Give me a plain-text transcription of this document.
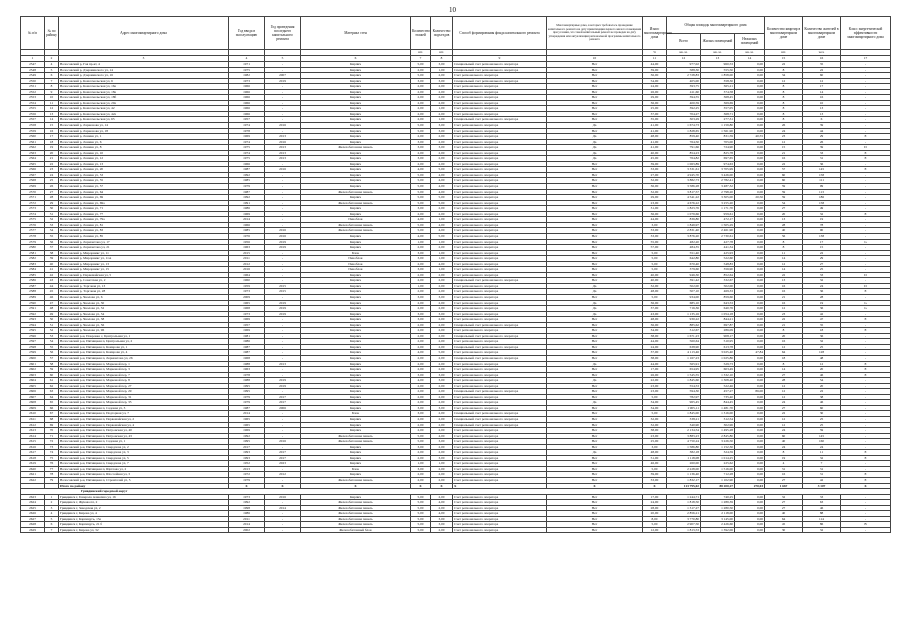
10
№ п/п	№ по району	Адрес многоквартирного дома	Год ввода в эксплуатацию	Год проведения последнего капитального ремонта	Материал стен	Количество этажей	Количество подъездов	Способ формирования фонда капитального ремонта	Многоквартирные дома, в которых требовалось проведение капитального ремонта на дату приватизации первого жилого помещения при условии, что такой капитальный ремонт не проведен на дату утверждения или актуализации региональной программы капитального ремонта	Износ многоквартирного дома	Общая площадь многоквартирного дома			Количество квартир в многоквартирном доме	Количество жителей в многоквартирном доме	Класс энергетической эффективности многоквартирного дома
											Всего	Жилых помещений	Нежилых помещений			
						шт.	шт.			%	кв. м.	кв. м.	кв. м.	шт.	чел.	
1	2	3	4	5	6	7	8	9	10	11	12	13	14	15	16	17
2547	4	Волосовский р, Гая пр-кт, 4	1971	-	Кирпич	5,00	3,00	Специальный счет регионального оператора	Нет	44,00	977,02	960,53	0,00	22	35	-
2548	5	Волосовский р, Дзержинского ул, 14	1975	-	Кирпич	2,00	1,00	Специальный счет регионального оператора	Нет	39,00	588,30	555,50	0,00	8	22	-
2549	6	Волосовский р, Дзержинского ул, 16	1982	2007	Кирпич	5,00	2,00	Счет регионального оператора	Нет	36,00	2 728,83	1 858,00	0,00	34	60	-
2550	7	Волосовский р, Комсомольская ул, 6	1973	2019	Кирпич	3,00	3,00	Специальный счет регионального оператора	Нет	54,00	405,00	358,30	0,00	12	12	-
2551	8	Волосовский р, Комсомольская ул, 16а	1966	-	Кирпич	2,00	2,00	Счет регионального оператора	Нет	24,00	393,75	365,21	0,00	8	17	-
2552	9	Волосовский р, Комсомольская ул, 18а	1966	-	Кирпич	2,00	2,00	Счет регионального оператора	Нет	26,00	411,60	374,58	0,00	8	14	-
2553	10	Волосовский р, Комсомольская ул, 18б	1966	-	Кирпич	2,00	2,00	Счет регионального оператора	Нет	29,00	394,55	368,45	0,00	8	16	-
2554	11	Волосовский р, Комсомольская ул, 20а	1966	-	Кирпич	2,00	2,00	Счет регионального оператора	Нет	36,00	400,59	369,69	0,00	8	10	-
2555	12	Волосовский р, Комсомольская ул, 42	1966	-	Кирпич	2,00	1,00	Счет регионального оператора	Нет	25,00	392,25	357,05	0,00	8	13	-
2556	13	Волосовский р, Комсомольская ул, 42а	1966	-	Кирпич	2,00	2,00	Счет регионального оператора	Нет	37,00	704,27	368,71	0,00	8	13	-
2557	14	Волосовский р, Комсомольская ул, 65	1957	-	Кирпич	2,00	1,00	Специальный счет регионального оператора	Нет	35,00	303,29	277,31	0,00	8	6	-
2558	15	Волосовский р, Ларионова ул, 14	1974	2016	Кирпич	5,00	3,00	Счет регионального оператора	Да	41,00	1 674,73	1 159,80	0,00	26	39	-
2559	16	Волосовский р, Ларионова ул, 18	1978	-	Кирпич	5,00	3,00	Счет регионального оператора	Нет	41,00	1 828,65	1 561,90	0,00	24	44	-
2560	17	Волосовский р, Ленина ул, 1	1969	2013	Кирпич	2,00	2,00	Счет регионального оператора	Да	48,00	859,40	831,59	40,55	23	29	Е
2561	18	Волосовский р, Ленина ул, 6	1974	2016	Кирпич	3,00	2,00	Счет регионального оператора	Да	41,00	764,50	705,00	0,00	12	26	-
2562	19	Волосовский р, Ленина ул, 8	1975	2013	Железобетонная панель	3,00	3,00	Счет регионального оператора	Да	41,00	791,66	724,90	0,00	15	39	D
2563	20	Волосовский р, Ленина ул, 10	1974	2013	Кирпич	2,00	2,00	Счет регионального оператора	Да	40,00	854,23	825,78	0,00	21	33	Е
2564	21	Волосовский р, Ленина ул, 12	1975	2013	Кирпич	3,00	2,00	Счет регионального оператора	Да	45,00	764,82	697,65	0,00	16	31	Е
2565	22	Волосовский р, Ленина ул, 13	1966	-	Кирпич	2,00	2,00	Счет регионального оператора	Нет	39,00	1 063,89	974,63	0,00	22	36	-
2566	23	Волосовский р, Ленина ул, 20	1987	2016	Кирпич	4,00	5,00	Счет регионального оператора	Нет	33,00	3 331,61	3 705,99	0,00	57	145	Е
2567	24	Волосовский р, Ленина ул, 53	1992	-	Кирпич	5,00	4,00	Счет регионального оператора	Нет	27,00	4 945,70	3 426,00	0,00	60	158	-
2568	25	Волосовский р, Ленина ул, 55	1985	-	Кирпич	5,00	4,00	Счет регионального оператора	Нет	32,00	3 882,73	2 782,41	0,00	60	111	-
2569	26	Волосовский р, Ленина ул, 57	1979	-	Кирпич	5,00	4,00	Счет регионального оператора	Нет	36,00	3 586,28	3 487,32	0,00	59	99	-
2570	27	Волосовский р, Ленина ул, 64	1987	-	Железобетонная панель	5,00	4,00	Счет регионального оператора	Нет	32,00	3 817,57	2 798,20	0,00	59	113	-
2571	28	Волосовский р, Ленина ул, 69	1992	-	Кирпич	5,00	5,00	Счет регионального оператора	Нет	29,00	4 541,22	3 305,00	20,50	59	186	-
2572	29	Волосовский р, Ленина ул, 69а	1991	-	Железобетонная панель	5,00	5,00	Счет регионального оператора	Нет	23,00	4 676,22	3 255,20	0,00	54	158	-
2573	30	Волосовский р, Ленина ул, 71	1986	-	Кирпич	3,00	2,00	Счет регионального оператора	Нет	31,00	1 823,76	1 171,70	0,00	27	49	-
2574	31	Волосовский р, Ленина ул, 77	1969	-	Кирпич	2,00	2,00	Счет регионального оператора	Нет	36,00	1 079,66	959,61	0,00	20	32	Е
2575	32	Волосовский р, Ленина ул, 79а	2014	-	Пеноблок	4,00	1,00	Счет регионального оператора	Нет	44,00	836,80	472,17	0,00	13	19	-
2576	33	Волосовский р, Ленина ул, 81	1966	-	Железобетонная панель	5,00	4,00	Счет регионального оператора	Нет	3,00	1 849,97	1 505,29	0,00	28	78	-
2577	34	Волосовский р, Ленина ул, 83	1985	2016	Железобетонная панель	5,00	4,00	Счет регионального оператора	Нет	33,00	2 831,40	2 461,90	0,00	40	90	-
2578	35	Волосовский р, Ленина ул, 85	1976	2016	Кирпич	4,00	5,00	Счет регионального оператора	Нет	33,00	3 876,20	2 730,61	0,00	56	138	-
2579	36	Волосовский р, Лермонтова ул, 17	1956	2019	Кирпич	1,00	1,00	Счет регионального оператора	Нет	55,00	482,20	427,78	0,00	8	17	G
2580	37	Волосовский р, Лермонтова ул, 21	1963	2019	Кирпич	2,00	2,00	Счет регионального оператора	Нет	57,00	484,35	441,34	0,00	8	15	-
2581	38	Волосовский р, Мирорникс ул, 11	2015	-	Блок	3,00	1,00	Счет регионального оператора	Нет	5,00	551,40	425,93	0,00	11	22	-
2582	39	Волосовский р, Мирорникс ул, 11А	2011	-	Пеноблок	3,00	1,00	Счет регионального оператора	Нет	5,00	642,80	522,60	0,00	14	29	-
2583	40	Волосовский р, Мирорникс ул, 13	2012	-	Пеноблок	2,00	4,00	Счет регионального оператора	Нет	5,00	670,40	548,83	0,00	12	27	-
2584	41	Волосовский р, Мирорникс ул, 15	2016	-	Пеноблок	3,00	1,00	Счет регионального оператора	Нет	5,00	379,60	356,90	0,00	14	25	-
2585	42	Волосовский р, Первомайская ул, 5	1964	-	Кирпич	2,00	2,00	Счет регионального оператора	Нет	40,00	946,30	852,64	0,00	22	33	D
2586	43	Волосовский р, Советская ул, 2	1960	-	Кирпич	2,00	2,00	Специальный счет регионального оператора	Нет	40,00	391,42	332,67	0,00	13	32	-
2587	44	Волосовский р, Торговая ул, 13	1959	2015	Кирпич	1,00	2,00	Счет регионального оператора	Да	32,00	502,00	502,00	0,00	16	24	D
2588	45	Волосовский р, Торговая ул, 28	1973	2015	Кирпич	2,00	2,00	Счет регионального оператора	Да	48,00	507,10	469,33	0,00	16	36	Е
2589	46	Волосовский р, Чкалова ул, 6	2009	-	Кирпич	3,00	3,00	Счет регионального оператора	Нет	5,00	934,00	859,60	0,00	21	28	-
2590	47	Волосовский р, Чкалова ул, 30	1965	2019	Кирпич	2,00	2,00	Счет регионального оператора	Да	36,00	685,10	643,53	0,00	16	19	G
2591	48	Волосовский р, Чкалова ул, 32	1968	2019	Кирпич	2,00	2,00	Счет регионального оператора	Да	37,00	716,36	640,76	0,00	12	36	G
2592	49	Волосовский р, Чкалова ул, 34	1973	2019	Кирпич	3,00	3,00	Счет регионального оператора	Да	43,00	1 135,16	1 054,18	0,00	23	42	-
2593	50	Волосовский р, Чкалова ул, 38	1969	-	Кирпич	3,00	2,00	Счет регионального оператора	Нет	48,00	930,22	844,21	0,00	22	47	Е
2594	51	Волосовский р, Чкалова ул, 56	1957	-	Кирпич	2,00	2,00	Специальный счет регионального оператора	Нет	36,00	885,62	697,87	0,00	21	35	-
2595	52	Волосовский р, Чкалова ул, 96	1969	-	Кирпич	2,00	2,00	Счет регионального оператора	Нет	34,00	312,67	286,09	0,00	8	18	Е
2596	53	Волосовский р-н, Покровка с, Центральная ул, 1	1981	-	Кирпич	2,00	2,00	Специальный счет регионального оператора	Нет	38,00	1 671,23	908,17	0,00	20	36	-
2597	54	Волосовский р-н, Пятницкая п, Центральная ул, 2	1986	-	Кирпич	2,00	2,00	Счет регионального оператора	Нет	44,00	560,64	510,95	0,00	16	32	-
2598	55	Волосовский р-н, Пятницкая п, Комарова ул, 1	1987	-	Кирпич	2,00	2,00	Специальный счет регионального оператора	Нет	24,00	638,90	613,78	0,00	12	25	-
2599	56	Волосовский р-н, Пятницкая п, Комарова ул, 4	1987	-	Кирпич	4,00	5,00	Счет регионального оператора	Нет	37,00	4 113,46	3 025,40	47,84	64	128	-
2600	57	Волосовский р-н, Пятницкая п, Лермонтова ул, 26	1968	-	Кирпич	2,00	2,00	Специальный счет регионального оператора	Нет	38,00	1 167,23	1 025,86	0,00	18	48	-
2601	58	Волосовский р-н, Пятницкая п, Марковой пер, 1	1988	2013	Кирпич	2,00	2,00	Счет регионального оператора	Да	44,00	565,91	529,73	0,00	8	12	Е
2602	59	Волосовский р-н, Пятницкая п, Марковой пер, 3	1963	-	Кирпич	2,00	2,00	Счет регионального оператора	Нет	17,00	654,95	603,49	0,00	14	20	Е
2603	60	Волосовский р-н, Пятницкая п, Марковой пер, 7	1978	-	Кирпич	3,00	3,00	Счет регионального оператора	Нет	26,00	1 545,55	1 332,10	0,00	27	46	Е
2604	61	Волосовский р-н, Пятницкая п, Марковой пер, 8	1988	2019	Кирпич	4,00	3,00	Счет регионального оператора	Да	22,00	1 845,60	1 308,40	0,00	28	54	-
2605	62	Волосовский р-н, Пятницкая п, Марковой пер, 27	1995	2019	Кирпич	2,00	2,00	Счет регионального оператора	Нет	23,00	554,53	522,46	0,00	12	20	-
2606	63	Волосовский р-н, Пятницкая п, Марковой пер, 29	1995	-	Кирпич	2,00	2,00	Специальный счет регионального оператора	Нет	23,00	594,30	457,27	86,00	12	22	-
2607	64	Волосовский р-н, Пятницкая п, Марковой пер, 31	1979	2017	Кирпич	2,00	2,00	Счет регионального оператора	Нет	5,00	782,97	735,40	0,00	12	38	-
2608	65	Волосовский р-н, Пятницкая п, Марковой пер, 33	1979	2017	Кирпич	2,00	2,00	Счет регионального оператора	Да	34,00	965,45	844,45	0,00	24	46	-
2609	66	Волосовский р-н, Пятницкая п, Садовая ул, 3	1987	2006	Кирпич	3,00	3,00	Счет регионального оператора	Нет	34,00	1 905,11	1 481,70	0,00	27	60	-
2610	67	Волосовский р-н, Пятницкая п, Подгорная ул, 7	2014	-	Блок	3,00	2,00	Специальный счет регионального оператора	Нет	5,00	1 845,00	1 316,00	0,00	22	30	-
2611	68	Волосовский р-н, Пятницкая п, Первомайская ул, 2	1965	-	Кирпич	2,00	2,00	Специальный счет регионального оператора	Нет	32,00	338,21	312,54	0,00	12	25	-
2612	69	Волосовский р-н, Пятницкая п, Первомайская ул, 4	1965	-	Кирпич	2,00	2,00	Специальный счет регионального оператора	Нет	32,00	340,90	302,96	0,00	12	25	-
2613	70	Волосовский р-н, Пятницкая п, Петровская ул, 40	1969	-	Кирпич	2,00	2,00	Счет регионального оператора	Нет	38,00	2 134,54	1 495,28	0,00	24	59	-
2614	71	Волосовский р-н, Пятницкая п, Петровская ул, 43	1992	-	Железобетонная панель	5,00	4,00	Счет регионального оператора	Нет	23,00	3 883,23	2 845,80	0,00	60	145	-
2615	72	Волосовский р-н, Пятницкая п, Садовая ул, 1	1995	2016	Железобетонная панель	5,00	3,00	Счет регионального оператора	Нет	25,00	4 750,24	3 226,50	0,00	40	160	-
2616	73	Волосовский р-н, Пятницкая п, Свердлова ул, 2	2017	-	Кирпич	3,00	2,00	Счет регионального оператора	Нет	3,00	1 586,80	1 152,30	0,00	24	24	-
2617	74	Волосовский р-н, Пятницкая п, Свердлова ул, 3	1993	2017	Кирпич	2,00	2,00	Счет регионального оператора	Да	48,00	382,18	324,59	0,00	8	11	Е
2618	75	Волосовский р-н, Пятницкая п, Свердлова ул, 5	1993	2017	Кирпич	2,00	3,00	Счет регионального оператора	Нет	51,00	1 118,08	1 014,25	0,00	19	32	Е
2619	76	Волосовский р-н, Пятницкая п, Свердлова ул, 7	1952	2023	Кирпич	1,00	1,00	Счет регионального оператора	Нет	46,00	260,00	225,62	0,00	4	7	-
2620	77	Волосовский р-н, Пятницкая п, Щеглова ул, 2	2013	-	Блок	3,00	2,00	Счет регионального оператора	Нет	5,00	2 228,00	1 516,00	0,00	31	31	-
2621	78	Волосовский р-н, Пятницкая п, Шоссейная ул, 3	1972	2012	Кирпич	2,00	2,00	Счет регионального оператора	Нет	39,00	1 136,40	712,28	0,00	16	31	Е
2622	79	Волосовский р-н, Пятницкая п, Строителей ул, 5	1979	-	Железобетонная панель	2,00	2,00	Счет регионального оператора	Нет	33,00	1 832,17	1 102,90	0,00	27	42	Е
		Итого по району	X	X	X	X	X	X	X	X	113 795,02	88 200,27	270,03	1 667	3 107	X
Гривдинский городской округ																
2623	1	Гривдинск г, Генерала Алексина ул, 16	1973	2016	Кирпич	5,00	2,00	Счет регионального оператора	Нет	17,00	1 244,71	740,25	0,00	32	33	-
2624	2	Гривдинск г, Жукова пл, 2	1992	-	Железобетонная панель	5,00	4,00	Счет регионального оператора	Нет	24,00	1 818,50	1 289,39	0,00	27	63	-
2625	3	Гривдинск г, Заводская ул, 2	1998	2014	Железобетонная панель	5,00	2,00	Счет регионального оператора	Нет	28,00	1 317,27	1 280,50	0,00	27	46	-
2626	4	Гривдинск г, Кирова ул, 4	1986	-	Железобетонная панель	5,00	4,00	Счет регионального оператора	Нет	20,00	2 856,21	2 118,00	0,00	40	88	-
2627	5	Гривдинск г, Карпицусь, 15а	2011	-	Железобетонная панель	5,00	3,00	Счет регионального оператора	Нет	8,00	3 770,80	3 145,00	0,00	64	114	-
2628	6	Гривдинск г, Карпицусь, 21 б	2014	-	Железобетонная панель	5,00	3,00	Счет регионального оператора	Нет	5,00	2 907,50	2 426,60	0,00	45	86	В
2629	7	Гривдинск г, Кирова ул, 32	2002	-	Железобетонный блок	5,00	2,00	Счет регионального оператора	Нет	12,00	1 813,53	1 392,06	0,00	30	32	-
